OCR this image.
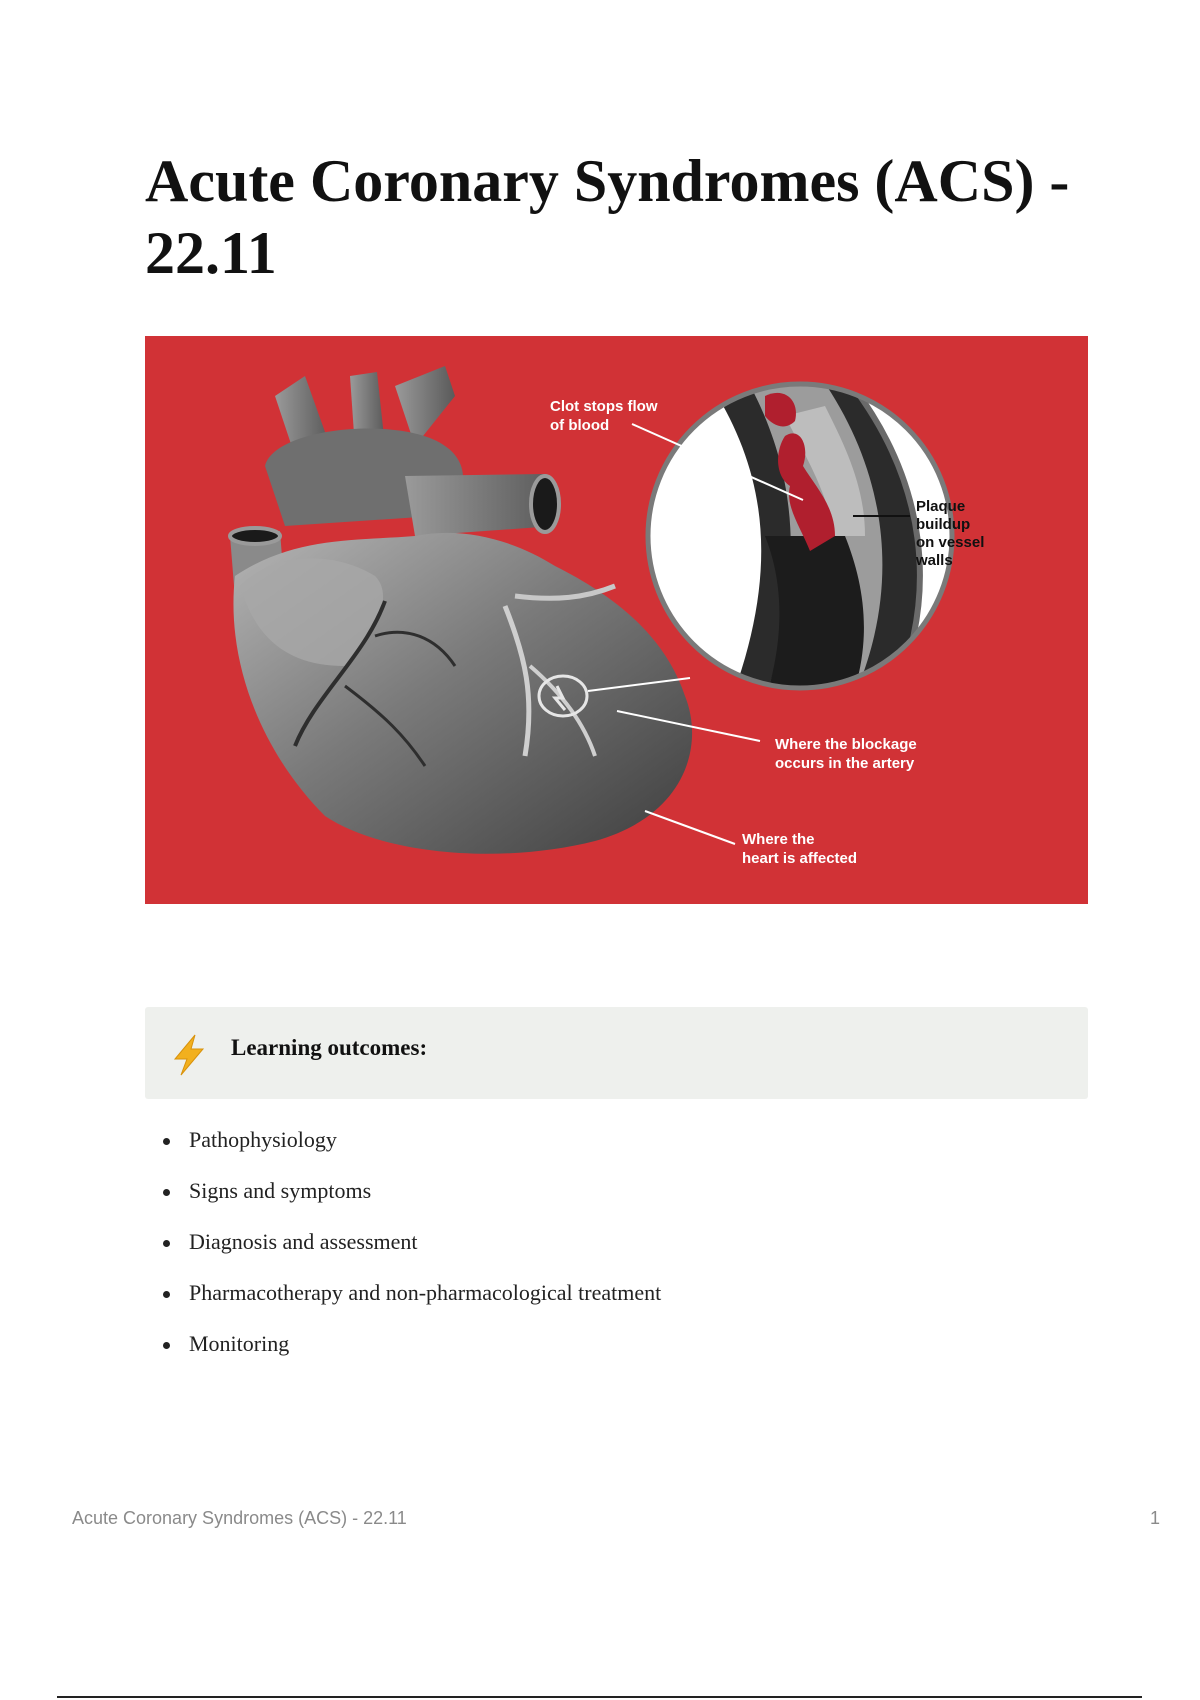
Acute Coronary Syndromes (ACS) - 22.11
Clot stops flow
of blood
Plaque
buildup
on vessel
walls
Where the blockage
occurs in the artery
Where the
heart is affected
Learning outcomes:
Pathophysiology
Signs and symptoms
Diagnosis and assessment
Pharmacotherapy and non-pharmacological treatment
Monitoring
Acute Coronary Syndromes (ACS) - 22.11	1
